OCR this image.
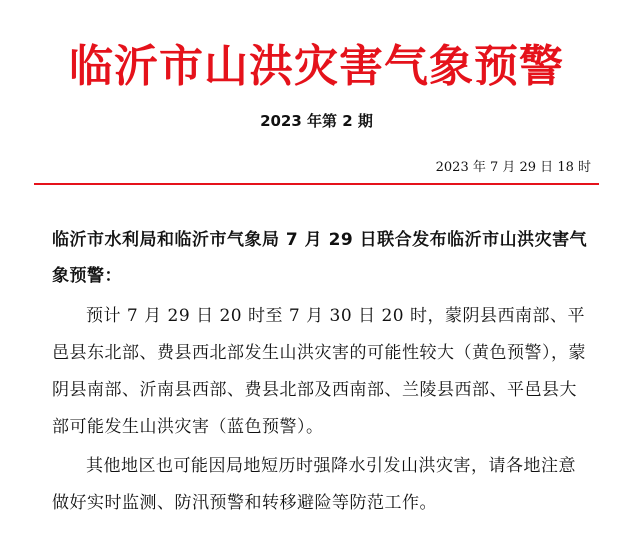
临沂市山洪灾害气象预警
2023 年第 2 期
2023 年 7 月 29 日 18 时
临沂市水利局和临沂市气象局 7 月 29 日联合发布临沂市山洪灾害气象预警：
预计 7 月 29 日 20 时至 7 月 30 日 20 时，蒙阴县西南部、平邑县东北部、费县西北部发生山洪灾害的可能性较大（黄色预警），蒙阴县南部、沂南县西部、费县北部及西南部、兰陵县西部、平邑县大部可能发生山洪灾害（蓝色预警）。
其他地区也可能因局地短历时强降水引发山洪灾害，请各地注意做好实时监测、防汛预警和转移避险等防范工作。
